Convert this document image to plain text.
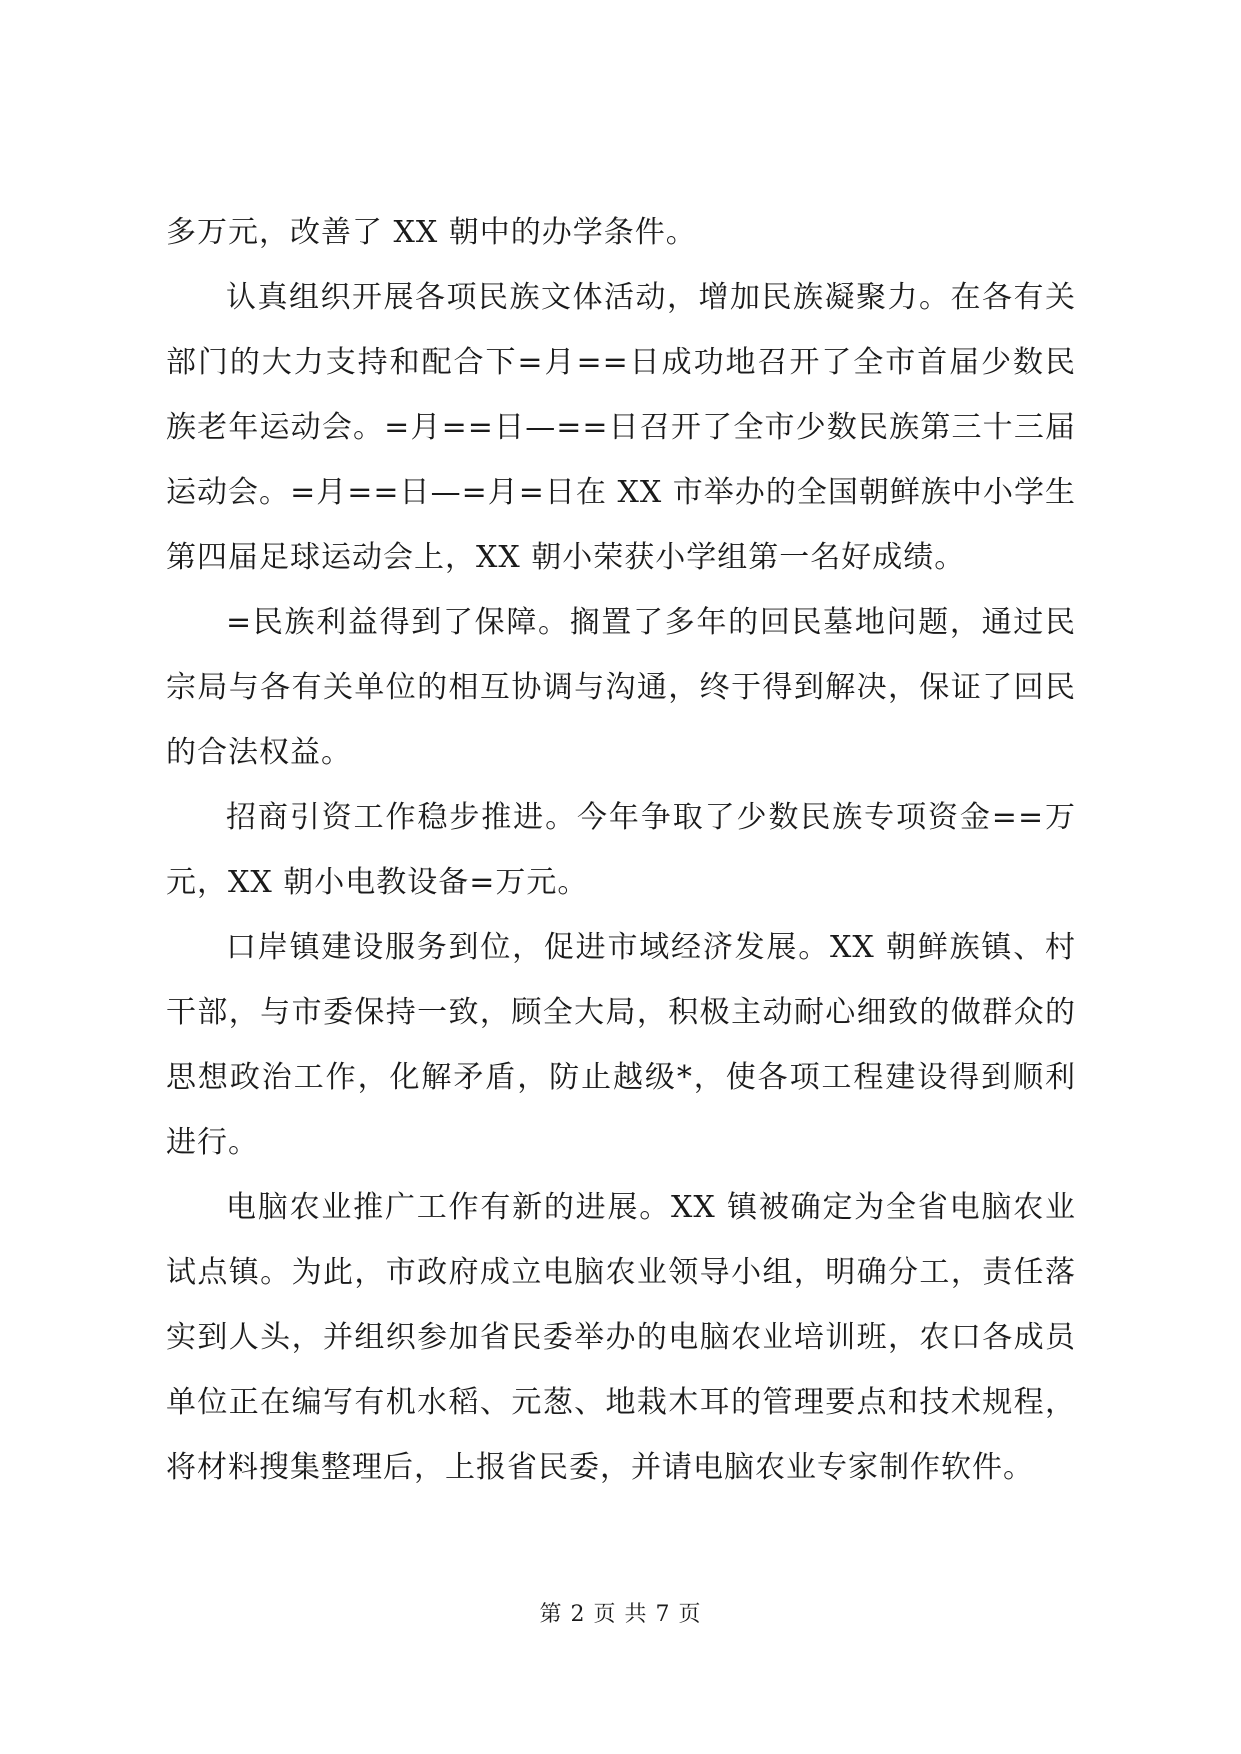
多万元，改善了 XX 朝中的办学条件。

认真组织开展各项民族文体活动，增加民族凝聚力。在各有关部门的大力支持和配合下=月==日成功地召开了全市首届少数民族老年运动会。=月==日—==日召开了全市少数民族第三十三届运动会。=月==日—=月=日在 XX 市举办的全国朝鲜族中小学生第四届足球运动会上，XX 朝小荣获小学组第一名好成绩。

=民族利益得到了保障。搁置了多年的回民墓地问题，通过民宗局与各有关单位的相互协调与沟通，终于得到解决，保证了回民的合法权益。

招商引资工作稳步推进。今年争取了少数民族专项资金==万元，XX 朝小电教设备=万元。

口岸镇建设服务到位，促进市域经济发展。XX 朝鲜族镇、村干部，与市委保持一致，顾全大局，积极主动耐心细致的做群众的思想政治工作，化解矛盾，防止越级*，使各项工程建设得到顺利进行。

电脑农业推广工作有新的进展。XX 镇被确定为全省电脑农业试点镇。为此，市政府成立电脑农业领导小组，明确分工，责任落实到人头，并组织参加省民委举办的电脑农业培训班，农口各成员单位正在编写有机水稻、元葱、地栽木耳的管理要点和技术规程，将材料搜集整理后，上报省民委，并请电脑农业专家制作软件。

第 2 页 共 7 页
